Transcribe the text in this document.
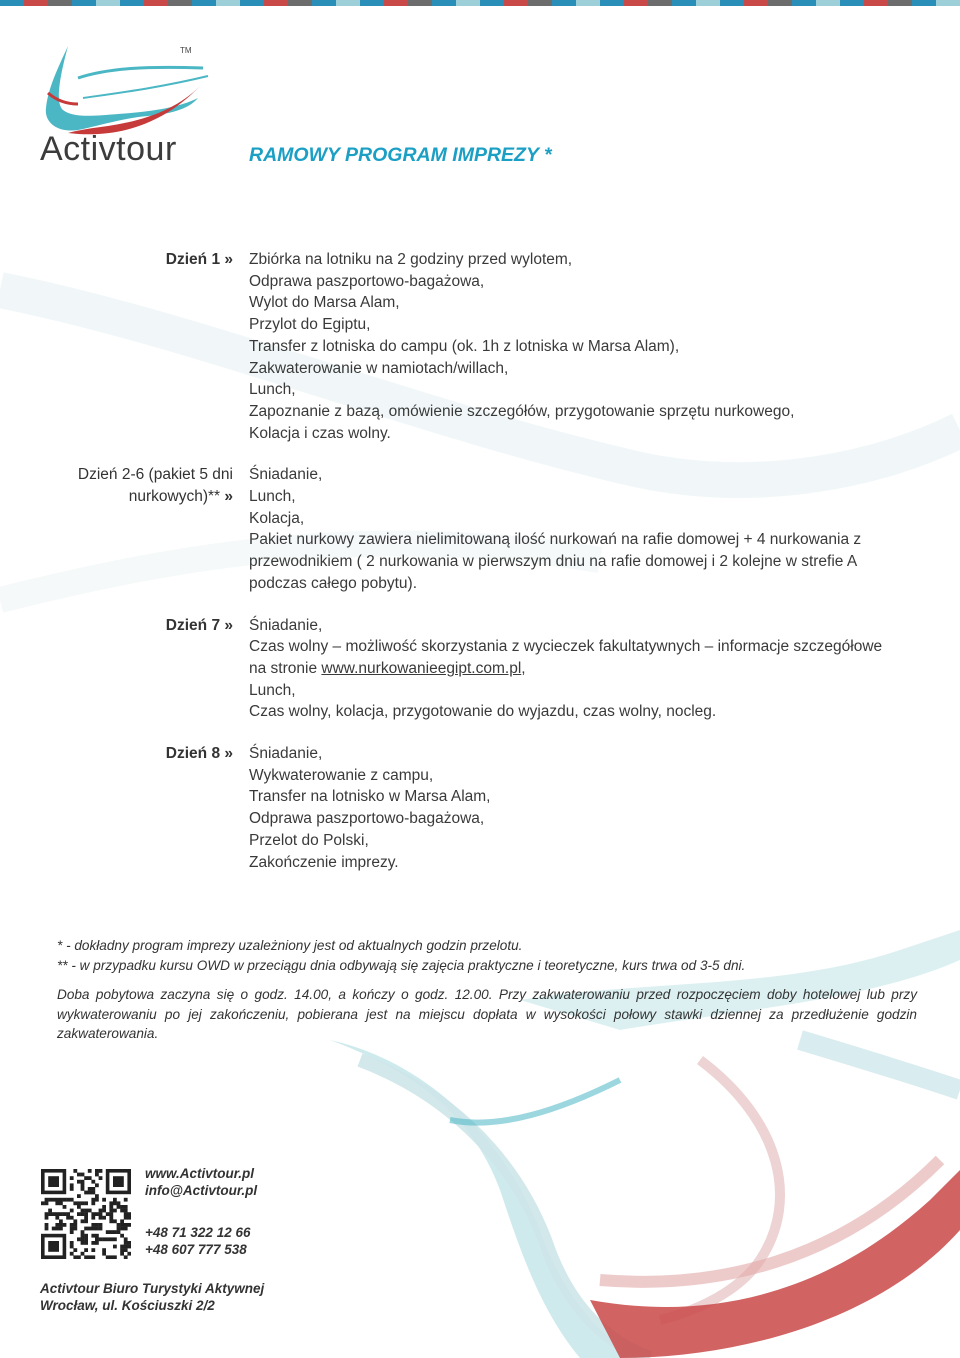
Activtour
TM
RAMOWY PROGRAM IMPREZY *
Dzień 1 » Zbiórka na lotniku na 2 godziny przed wylotem,
Odprawa paszportowo-bagażowa,
Wylot do Marsa Alam,
Przylot do Egiptu,
Transfer z lotniska do campu (ok. 1h z lotniska w Marsa Alam),
Zakwaterowanie w namiotach/willach,
Lunch,
Zapoznanie z bazą, omówienie szczegółów, przygotowanie sprzętu nurkowego,
Kolacja i czas wolny.
Dzień 2-6 (pakiet 5 dni
nurkowych)** »
Śniadanie,
Lunch,
Kolacja,
Pakiet nurkowy zawiera nielimitowaną ilość nurkowań na rafie domowej + 4 nurkowania z
przewodnikiem ( 2 nurkowania w pierwszym dniu na rafie domowej i 2 kolejne w strefie A
podczas całego pobytu).
Dzień 7 » Śniadanie,
Czas wolny – możliwość skorzystania z wycieczek fakultatywnych – informacje szczegółowe
na stronie www.nurkowanieegipt.com.pl,
Lunch,
Czas wolny, kolacja, przygotowanie do wyjazdu, czas wolny, nocleg.
Dzień 8 » Śniadanie,
Wykwaterowanie z campu,
Transfer na lotnisko w Marsa Alam,
Odprawa paszportowo-bagażowa,
Przelot do Polski,
Zakończenie imprezy.

* - dokładny program imprezy uzależniony jest od aktualnych godzin przelotu.

** - w przypadku kursu OWD w przeciągu dnia odbywają się zajęcia praktyczne i teoretyczne, kurs trwa od 3-5 dni.

Doba pobytowa zaczyna się o godz. 14.00, a kończy o godz. 12.00. Przy zakwaterowaniu przed rozpoczęciem doby hotelowej lub przy wykwaterowaniu po jej zakończeniu, pobierana jest na miejscu dopłata w wysokości połowy stawki dziennej za przedłużenie godzin zakwaterowania.

www.Activtour.pl
info@Activtour.pl
+48 71 322 12 66
+48 607 777 538
Activtour Biuro Turystyki Aktywnej
Wrocław, ul. Kościuszki 2/2
